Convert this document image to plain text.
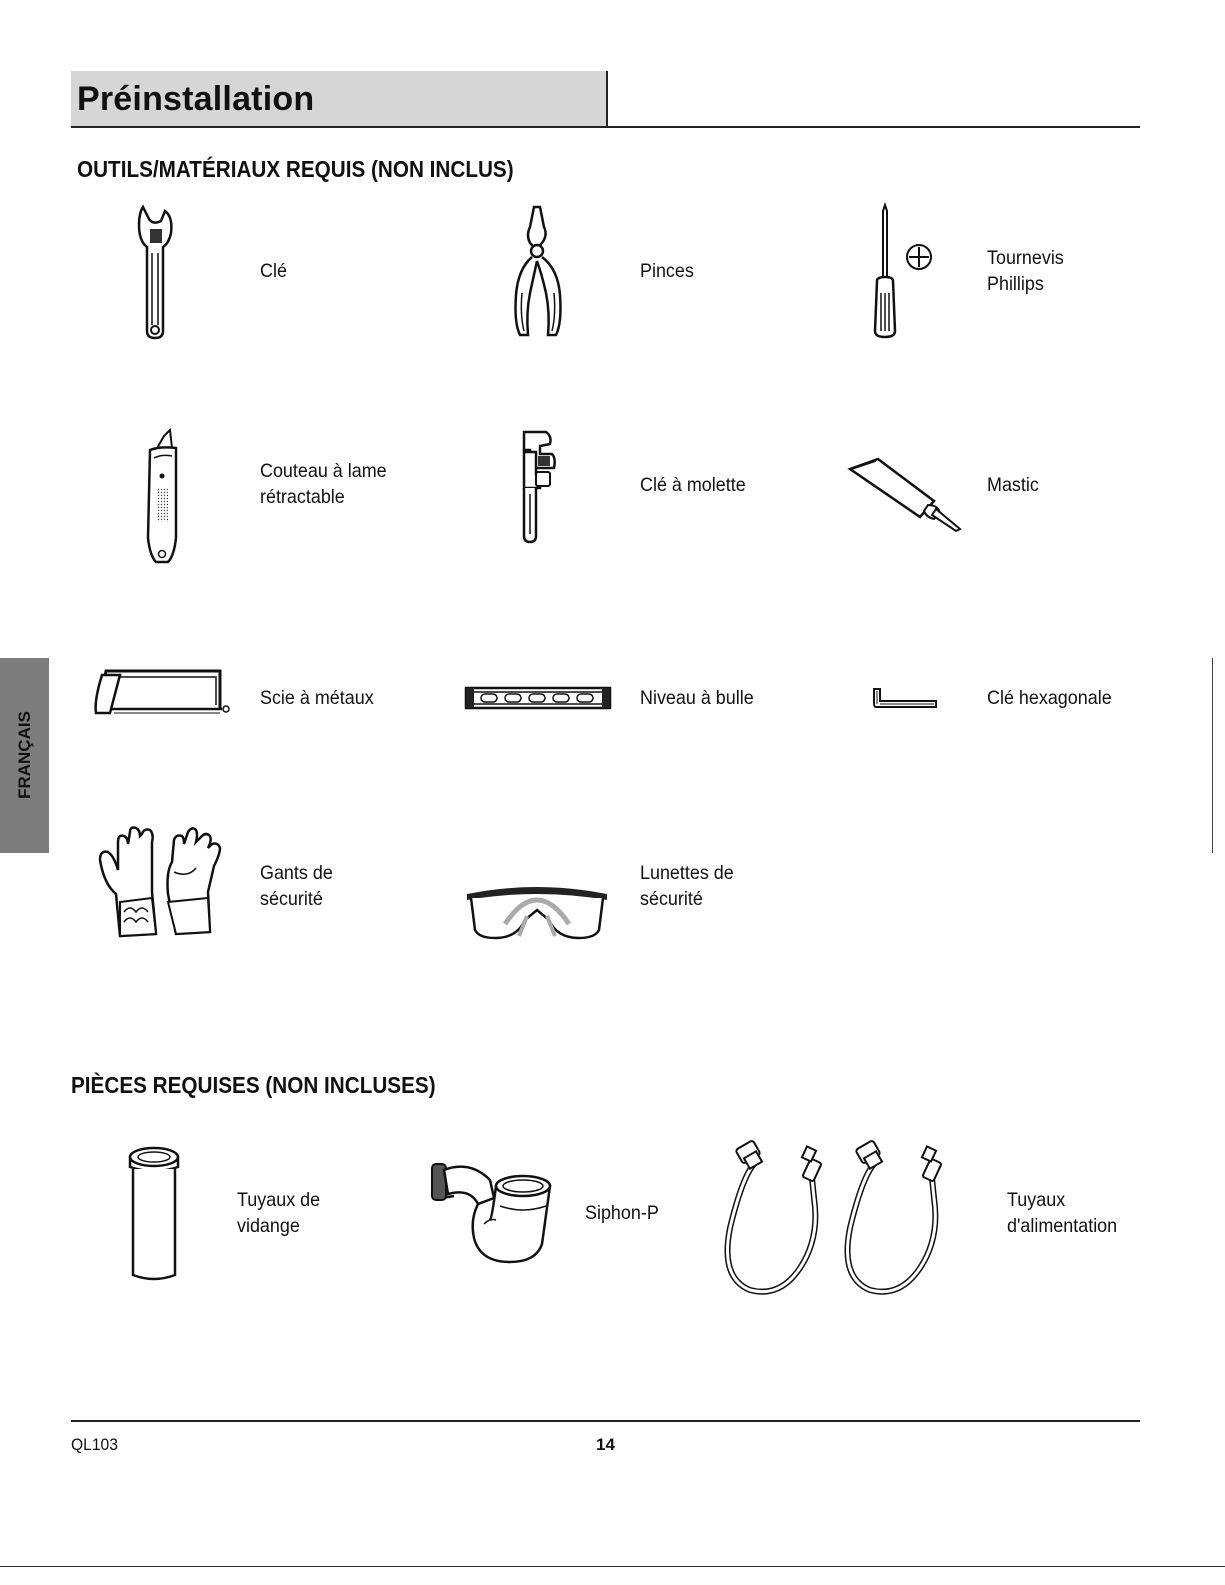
Préinstallation
OUTILS/MATÉRIAUX REQUIS (NON INCLUS)
Clé	Pinces
Tournevis
Phillips
Couteau à lame
rétractable
Clé à molette	Mastic
Scie à métaux	Niveau à bulle	Clé hexagonale
Gants de
sécurité
Lunettes de
sécurité
PIÈCES REQUISES (NON INCLUSES)
Tuyaux de
vidange
Siphon-P
Tuyaux
d'alimentation
FRANÇAIS
QL103	14
